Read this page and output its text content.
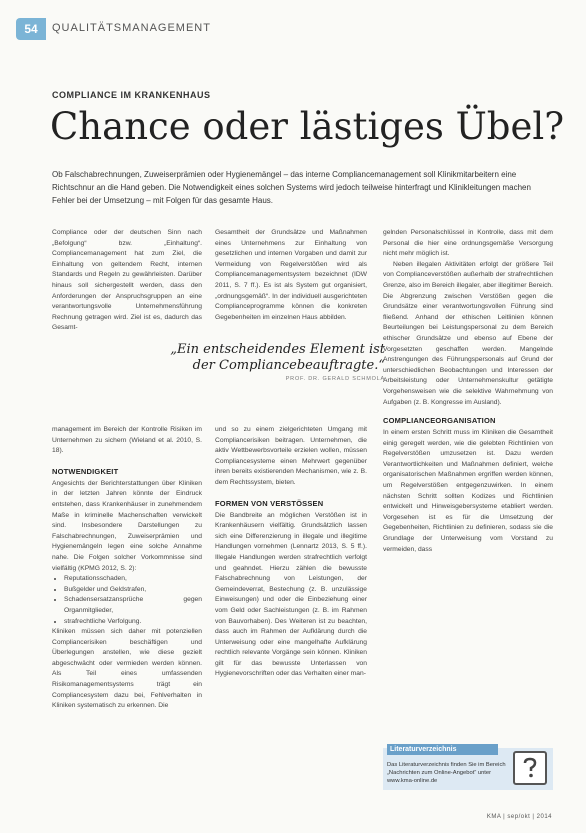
54	QUALITÄTSMANAGEMENT
COMPLIANCE IM KRANKENHAUS
Chance oder lästiges Übel?
Ob Falschabrechnungen, Zuweiserprämien oder Hygienemängel – das interne Compliancemanagement soll Klinikmitarbeitern eine Richtschnur an die Hand geben. Die Notwendigkeit eines solchen Systems wird jedoch teilweise hinterfragt und Klinikleitungen machen Fehler bei der Umsetzung – mit Folgen für das gesamte Haus.

Compliance oder der deutschen Sinn nach „Befolgung“ bzw. „Einhaltung“. Compliancemanagement hat zum Ziel, die Einhaltung von geltendem Recht, internen Standards und Regeln zu gewährleisten. Darüber hinaus soll sichergestellt werden, dass den Anforderungen der Anspruchsgruppen an eine verantwortungsvolle Unternehmensführung Rechnung getragen wird. Ziel ist es, dadurch das Gesamt-

Gesamtheit der Grundsätze und Maßnahmen eines Unternehmens zur Einhaltung von gesetzlichen und internen Vorgaben und damit zur Vermeidung von Regelverstößen wird als Compliancemanagementsystem bezeichnet (IDW 2011, S. 7 ff.). Es ist als System gut organisiert, „ordnungsgemäß“. In der individuell ausgerichteten Complianceprogramme können die konkreten Gegebenheiten im einzelnen Haus abbilden.

„Ein entscheidendes Element ist der Compliancebeauftragte.“
PROF. DR. GERALD SCHMOLA

management im Bereich der Kontrolle Risiken im Unternehmen zu sichern (Wieland et al. 2010, S. 18).

NOTWENDIGKEIT

Angesichts der Berichterstattungen über Kliniken in der letzten Jahren könnte der Eindruck entstehen, dass Krankenhäuser in zunehmendem Maße in kriminelle Machenschaften verwickelt sind. Insbesondere Darstellungen zu Falschabrechnungen, Zuweiserprämien und Hygienemängeln legen eine solche Annahme nahe. Die Folgen solcher Vorkommnisse sind vielfältig (KPMG 2012, S. 2):

• Reputationsschaden,
• Bußgelder und Geldstrafen,
• Schadensersatzansprüche gegen Organmitglieder,
• strafrechtliche Verfolgung.

Kliniken müssen sich daher mit potenziellen Compliancerisiken beschäftigen und Überlegungen anstellen, wie diese gezielt abgeschwächt oder vermieden werden können. Als Teil eines umfassenden Risikomanagementsystems trägt ein Compliancesystem dazu bei, Fehlverhalten in Kliniken systematisch zu erkennen. Die

und so zu einem zielgerichteten Umgang mit Compliancerisiken beitragen. Unternehmen, die aktiv Wettbewerbsvorteile erzielen wollen, müssen Compliancesysteme einen Mehrwert gegenüber ihren bereits existierenden Mechanismen, wie z. B. dem Rechtssystem, bieten.

FORMEN VON VERSTÖSSEN

Die Bandbreite an möglichen Verstößen ist in Krankenhäusern vielfältig. Grundsätzlich lassen sich eine Differenzierung in illegale und illegitime Handlungen vornehmen (Lennartz 2013, S. 5 ff.). Illegale Handlungen werden strafrechtlich verfolgt und geahndet. Hierzu zählen die bewusste Falschabrechnung von Leistungen, der Gemeindeverrat, Bestechung (z. B. unzulässige Einweisungen) und oder die Einbeziehung einer vom Geld oder Sachleistungen (z. B. im Rahmen von Bauvorhaben). Des Weiteren ist zu beachten, dass auch im Rahmen der Aufklärung durch die Unterweisung oder eine mangelhafte Aufklärung rechtlich relevante Vorgänge sein können. Kliniken gilt für das bewusste Unterlassen von Hygienevorschriften oder das Verhalten einer man-

gelnden Personalschlüssel in Kontrolle, dass mit dem Personal die hier eine ordnungsgemäße Versorgung nicht mehr möglich ist.

Neben illegalen Aktivitäten erfolgt der größere Teil von Complianceverstößen außerhalb der strafrechtlichen Grenze, also im Bereich illegaler, aber illegitimer Bereich. Die Abgrenzung zwischen Verstößen gegen die Grundsätze einer verantwortungsvollen Führung sind fließend. Anhand der ethischen Leitlinien können Beurteilungen bei Leistungspersonal zu dem Bereich ethischer Grundsätze und ebenso auf Ebene der Vorgesetzten geschaffen werden. Mangelnde Anstrengungen des Führungspersonals auf Grund der unterschiedlichen Beobachtungen und Interessen der Arbeitsleistung oder Unternehmenskultur getätigte Vorgehensweisen wie die selektive Wahrnehmung von Aufgaben (z. B. Kongresse im Ausland).

COMPLIANCEORGANISATION

In einem ersten Schritt muss im Kliniken die Gesamtheit einig geregelt werden, wie die gelebten Richtlinien von Regelverstößen umzusetzen ist. Dazu werden Verantwortlichkeiten und Maßnahmen definiert, welche organisatorischen Maßnahmen ergriffen werden können, um Regelverstößen entgegenzuwirken. In einem nächsten Schritt sollten Kodizes und Richtlinien entwickelt und Hinweisgebersysteme etabliert werden. Vorgesehen ist es für die Umsetzung der Gegebenheiten, Richtlinien zu definieren, sodass sie die Grundlage der Unterweisung vom Vorstand zu vermeiden, dass

Literaturverzeichnis
Das Literaturverzeichnis finden Sie im Bereich „Nachrichten zum Online-Angebot“ unter www.kma-online.de
KMA | sep/okt | 2014
